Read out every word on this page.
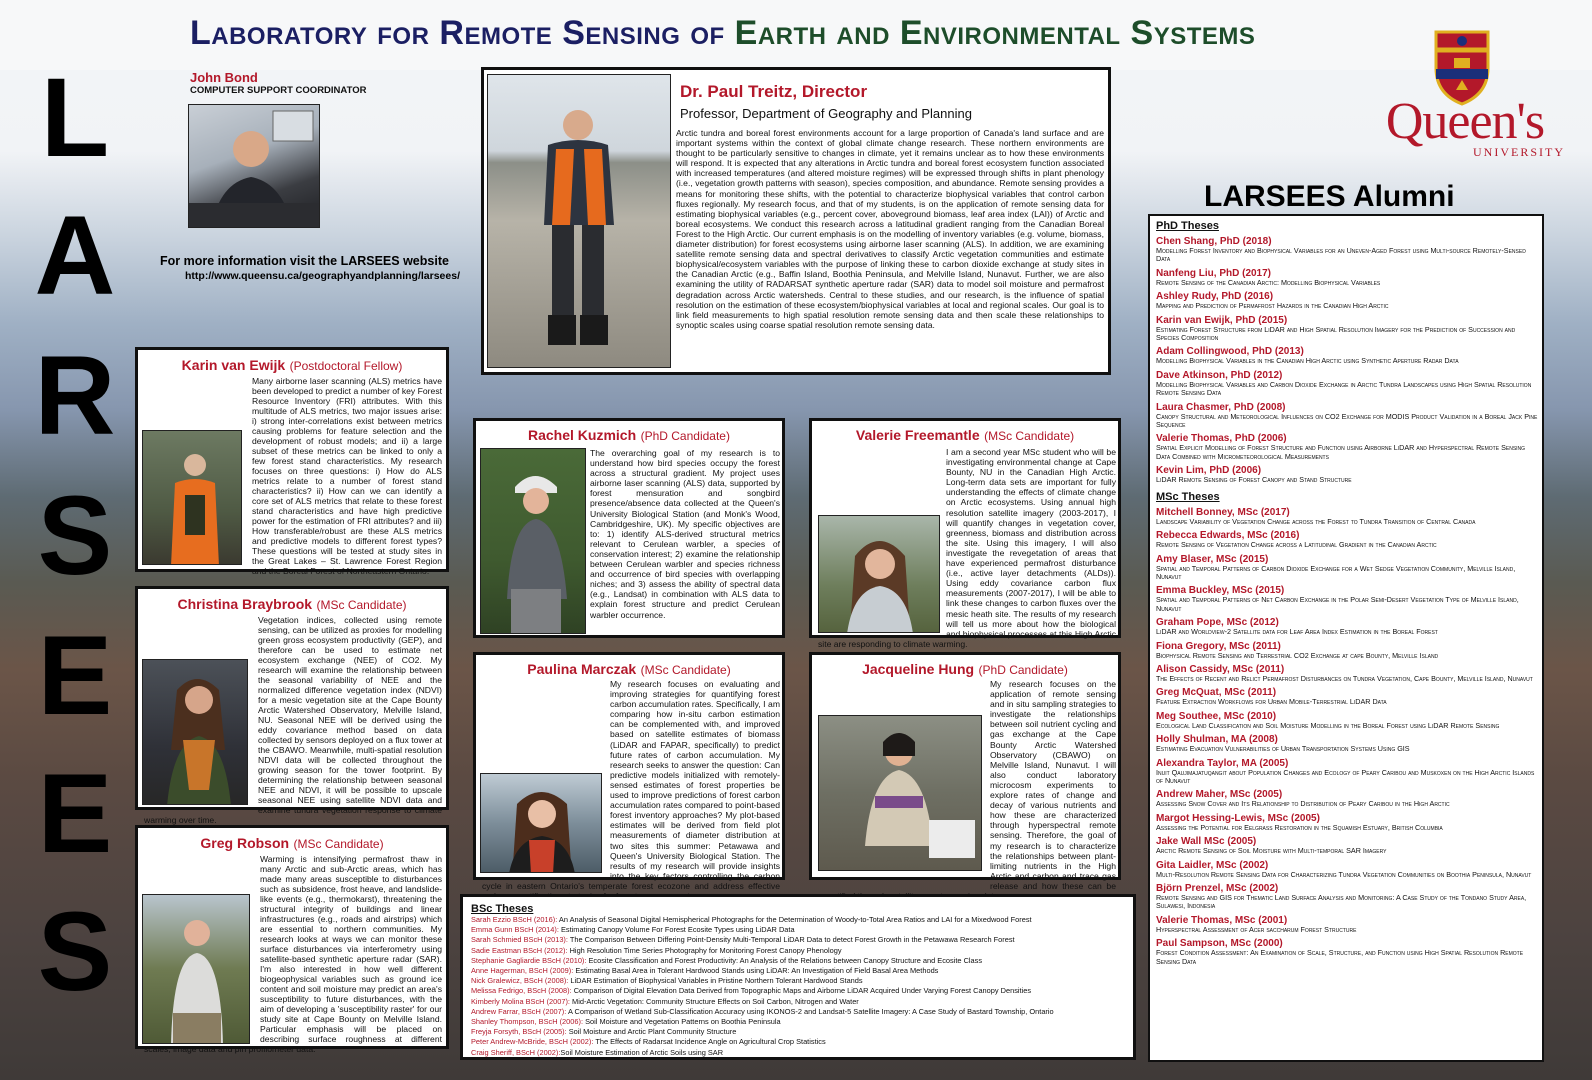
Laboratory for Remote Sensing of Earth and Environmental Systems
L
A
R
S
E
E
S
Queen's
UNIVERSITY
John Bond
COMPUTER SUPPORT COORDINATOR
For more information visit the LARSEES website
http://www.queensu.ca/geographyandplanning/larsees/
Dr. Paul Treitz, Director
Professor, Department of Geography and Planning
Arctic tundra and boreal forest environments account for a large proportion of Canada's land surface and are important systems within the context of global climate change research. These northern environments are thought to be particularly sensitive to changes in climate, yet it remains unclear as to how these environments will respond. It is expected that any alterations in Arctic tundra and boreal forest ecosystem function associated with increased temperatures (and altered moisture regimes) will be expressed through shifts in plant phenology (i.e., vegetation growth patterns with season), species composition, and abundance. Remote sensing provides a means for monitoring these shifts, with the potential to characterize biophysical variables that control carbon fluxes regionally. My research focus, and that of my students, is on the application of remote sensing data for estimating biophysical variables (e.g., percent cover, aboveground biomass, leaf area index (LAI)) of Arctic and boreal ecosystems. We conduct this research across a latitudinal gradient ranging from the Canadian Boreal Forest to the High Arctic. Our current emphasis is on the modelling of inventory variables (e.g. volume, biomass, diameter distribution) for forest ecosystems using airborne laser scanning (ALS). In addition, we are examining satellite remote sensing data and spectral derivatives to classify Arctic vegetation communities and estimate biophysical/ecosystem variables with the purpose of linking these to carbon dioxide exchange at study sites in the Canadian Arctic (e.g., Baffin Island, Boothia Peninsula, and Melville Island, Nunavut. Further, we are also examining the utility of RADARSAT synthetic aperture radar (SAR) data to model soil moisture and permafrost degradation across Arctic watersheds. Central to these studies, and our research, is the influence of spatial resolution on the estimation of these ecosystem/biophysical variables at local and regional scales. Our goal is to link field measurements to high spatial resolution remote sensing data and then scale these relationships to synoptic scales using coarse spatial resolution remote sensing data.
Karin van Ewijk (Postdoctoral Fellow)
Many airborne laser scanning (ALS) metrics have been developed to predict a number of key Forest Resource Inventory (FRI) attributes. With this multitude of ALS metrics, two major issues arise: i) strong inter-correlations exist between metrics causing problems for feature selection and the development of robust models; and ii) a large subset of these metrics can be linked to only a few forest stand characteristics. My research focuses on three questions: i) How do ALS metrics relate to a number of forest stand characteristics? ii) How can we can identify a core set of ALS metrics that relate to these forest stand characteristics and have high predictive power for the estimation of FRI attributes? and iii) How transferable/robust are these ALS metrics and predictive models to different forest types? These questions will be tested at study sites in the Great Lakes – St. Lawrence Forest Region and the Boreal Forest of Northeastern Ontario.
Christina Braybrook (MSc Candidate)
Vegetation indices, collected using remote sensing, can be utilized as proxies for modelling green gross ecosystem productivity (GEP), and therefore can be used to estimate net ecosystem exchange (NEE) of CO2. My research will examine the relationship between the seasonal variability of NEE and the normalized difference vegetation index (NDVI) for a mesic vegetation site at the Cape Bounty Arctic Watershed Observatory, Melville Island, NU. Seasonal NEE will be derived using the eddy covariance method based on data collected by sensors deployed on a flux tower at the CBAWO. Meanwhile, multi-spatial resolution NDVI data will be collected throughout the growing season for the tower footprint. By determining the relationship between seasonal NEE and NDVI, it will be possible to upscale seasonal NEE using satellite NDVI data and examine tundra vegetation response to climate warming over time.
Greg Robson (MSc Candidate)
Warming is intensifying permafrost thaw in many Arctic and sub-Arctic areas, which has made many areas susceptible to disturbances such as subsidence, frost heave, and landslide-like events (e.g., thermokarst), threatening the structural integrity of buildings and linear infrastructures (e.g., roads and airstrips) which are essential to northern communities. My research looks at ways we can monitor these surface disturbances via interferometry using satellite-based synthetic aperture radar (SAR). I'm also interested in how well different biogeophysical variables such as ground ice content and soil moisture may predict an area's susceptibility to future disturbances, with the aim of developing a 'susceptibility raster' for our study site at Cape Bounty on Melville Island. Particular emphasis will be placed on describing surface roughness at different scales, image data and pin profilometer data.
Rachel Kuzmich (PhD Candidate)
The overarching goal of my research is to understand how bird species occupy the forest across a structural gradient. My project uses airborne laser scanning (ALS) data, supported by forest mensuration and songbird presence/absence data collected at the Queen's University Biological Station (and Monk's Wood, Cambridgeshire, UK). My specific objectives are to: 1) identify ALS-derived structural metrics relevant to Cerulean warbler, a species of conservation interest; 2) examine the relationship between Cerulean warbler and species richness and occurrence of bird species with overlapping niches; and 3) assess the ability of spectral data (e.g., Landsat) in combination with ALS data to explain forest structure and predict Cerulean warbler occurrence.
Valerie Freemantle (MSc Candidate)
I am a second year MSc student who will be investigating environmental change at Cape Bounty, NU in the Canadian High Arctic. Long-term data sets are important for fully understanding the effects of climate change on Arctic ecosystems. Using annual high resolution satellite imagery (2003-2017), I will quantify changes in vegetation cover, greenness, biomass and distribution across the site. Using this imagery, I will also investigate the revegetation of areas that have experienced permafrost disturbance (i.e., active layer detachments (ALDs)). Using eddy covariance carbon flux measurements (2007-2017), I will be able to link these changes to carbon fluxes over the mesic heath site. The results of my research will tell us more about how the biological and biophysical processes at this High Arctic site are responding to climate warming.
Paulina Marczak (MSc Candidate)
My research focuses on evaluating and improving strategies for quantifying forest carbon accumulation rates. Specifically, I am comparing how in-situ carbon estimation can be complemented with, and improved based on satellite estimates of biomass (LiDAR and FAPAR, specifically) to predict future rates of carbon accumulation. My research seeks to answer the question: Can predictive models initialized with remotely-sensed estimates of forest properties be used to improve predictions of forest carbon accumulation rates compared to point-based forest inventory approaches? My plot-based estimates will be derived from field plot measurements of diameter distribution at two sites this summer: Petawawa and Queen's University Biological Station. The results of my research will provide insights into the key factors controlling the carbon cycle in eastern Ontario's temperate forest ecozone and address effective
Jacqueline Hung (PhD Candidate)
My research focuses on the application of remote sensing and in situ sampling strategies to investigate the relationships between soil nutrient cycling and gas exchange at the Cape Bounty Arctic Watershed Observatory (CBAWO) on Melville Island, Nunavut. I will also conduct laboratory microcosm experiments to explore rates of change and decay of various nutrients and how these are characterized through hyperspectral remote sensing. Therefore, the goal of my research is to characterize the relationships between plant-limiting nutrients in the High Arctic and carbon and trace gas release and how these can be
BSc Theses
Sarah Ezzio BScH (2016): An Analysis of Seasonal Digital Hemispherical Photographs for the Determination of Woody-to-Total Area Ratios and LAI for a Mixedwood Forest
Emma Gunn BScH (2014): Estimating Canopy Volume For Forest Ecosite Types using LiDAR Data
Sarah Schmied BScH (2013): The Comparison Between Differing Point-Density Multi-Temporal LiDAR Data to detect Forest Growth in the Petawawa Research Forest
Sadie Eastman BScH (2012): High Resolution Time Series Photography for Monitoring Forest Canopy Phenology
Stephanie Gagliardie BScH (2010): Ecosite Classification and Forest Productivity: An Analysis of the Relations between Canopy Structure and Ecosite Class
Anne Hagerman, BScH (2009): Estimating Basal Area in Tolerant Hardwood Stands using LiDAR: An Investigation of Field Basal Area Methods
Nick Gralewicz, BScH (2008): LiDAR Estimation of Biophysical Variables in Pristine Northern Tolerant Hardwood Stands
Melissa Fedrigo, BScH (2008): Comparison of Digital Elevation Data Derived from Topographic Maps and Airborne LiDAR Acquired Under Varying Forest Canopy Densities
Kimberly Molina BScH (2007): Mid-Arctic Vegetation: Community Structure Effects on Soil Carbon, Nitrogen and Water
Andrew Farrar, BScH (2007): A Comparison of Wetland Sub-Classification Accuracy using IKONOS-2 and Landsat-5 Satellite Imagery: A Case Study of Bastard Township, Ontario
Shanley Thompson, BScH (2006): Soil Moisture and Vegetation Patterns on Boothia Peninsula
Freyja Forsyth, BScH (2005): Soil Moisture and Arctic Plant Community Structure
Peter Andrew-McBride, BScH (2002): The Effects of Radarsat Incidence Angle on Agricultural Crop Statistics
Craig Sheriff, BScH (2002):Soil Moisture Estimation of Arctic Soils using SAR
LARSEES Alumni
PhD Theses
Chen Shang, PhD (2018)
Modelling Forest Inventory and Biophysical Variables for an Uneven-Aged Forest using Multi-source Remotely-Sensed Data
Nanfeng Liu, PhD (2017)
Remote Sensing of the Canadian Arctic: Modelling Biophysical Variables
Ashley Rudy, PhD (2016)
Mapping and Prediction of Permafrost Hazards in the Canadian High Arctic
Karin van Ewijk, PhD (2015)
Estimating Forest Structure from LiDAR and High Spatial Resolution Imagery for the Prediction of Succession and Species Composition
Adam Collingwood, PhD (2013)
Modelling Biophysical Variables in the Canadian High Arctic using Synthetic Aperture Radar Data
Dave Atkinson, PhD (2012)
Modelling Biophysical Variables and Carbon Dioxide Exchange in Arctic Tundra Landscapes using High Spatial Resolution Remote Sensing Data
Laura Chasmer, PhD (2008)
Canopy Structural and Meteorological Influences on CO2 Exchange for MODIS Product Validation in a Boreal Jack Pine Sequence
Valerie Thomas, PhD (2006)
Spatial Explicit Modelling of Forest Structure and Function using Airborne LiDAR and Hyperspectral Remote Sensing Data Combined with Micrometeorological Measurements
Kevin Lim, PhD (2006)
LiDAR Remote Sensing of Forest Canopy and Stand Structure
MSc Theses
Mitchell Bonney, MSc (2017)
Landscape Variability of Vegetation Change across the Forest to Tundra Transition of Central Canada
Rebecca Edwards, MSc (2016)
Remote Sensing of Vegetation Change across a Latitudinal Gradient in the Canadian Arctic
Amy Blaser, MSc (2015)
Spatial and Temporal Patterns of Carbon Dioxide Exchange for a Wet Sedge Vegetation Community, Melville Island, Nunavut
Emma Buckley, MSc (2015)
Spatial and Temporal Patterns of Net Carbon Exchange in the Polar Semi-Desert Vegetation Type of Melville Island, Nunavut
Graham Pope, MSc (2012)
LiDAR and Worldview-2 Satellite data for Leaf Area Index Estimation in the Boreal Forest
Fiona Gregory, MSc (2011)
Biophysical Remote Sensing and Terrestrial CO2 Exchange at cape Bounty, Melville Island
Alison Cassidy, MSc (2011)
The Effects of Recent and Relict Permafrost Disturbances on Tundra Vegetation, Cape Bounty, Melville Island, Nunavut
Greg McQuat, MSc (2011)
Feature Extraction Workflows for Urban Mobile-Terrestrial LiDAR Data
Meg Southee, MSc (2010)
Ecological Land Classification and Soil Moisture Modelling in the Boreal Forest using LiDAR Remote Sensing
Holly Shulman, MA (2008)
Estimating Evacuation Vulnerabilities of Urban Transportation Systems Using GIS
Alexandra Taylor, MA (2005)
Inuit Qaujimajatuqangit about Population Changes and Ecology of Peary Caribou and Muskoxen on the High Arctic Islands of Nunavut
Andrew Maher, MSc (2005)
Assessing Snow Cover and Its Relationship to Distribution of Peary Caribou in the High Arctic
Margot Hessing-Lewis, MSc (2005)
Assessing the Potential for Eelgrass Restoration in the Squamish Estuary, British Columbia
Jake Wall MSc (2005)
Arctic Remote Sensing of Soil Moisture with Multi-temporal SAR Imagery
Gita Laidler, MSc (2002)
Multi-Resolution Remote Sensing Data for Characterizing Tundra Vegetation Communities on Boothia Peninsula, Nunavut
Björn Prenzel, MSc (2002)
Remote Sensing and GIS for Thematic Land Surface Analysis and Monitoring: A Case Study of the Tondano Study Area, Sulawesi, Indonesia
Valerie Thomas, MSc (2001)
Hyperspectral Assessment of Acer saccharum Forest Structure
Paul Sampson, MSc (2000)
Forest Condition Assessment: An Examination of Scale, Structure, and Function using High Spatial Resolution Remote Sensing Data
